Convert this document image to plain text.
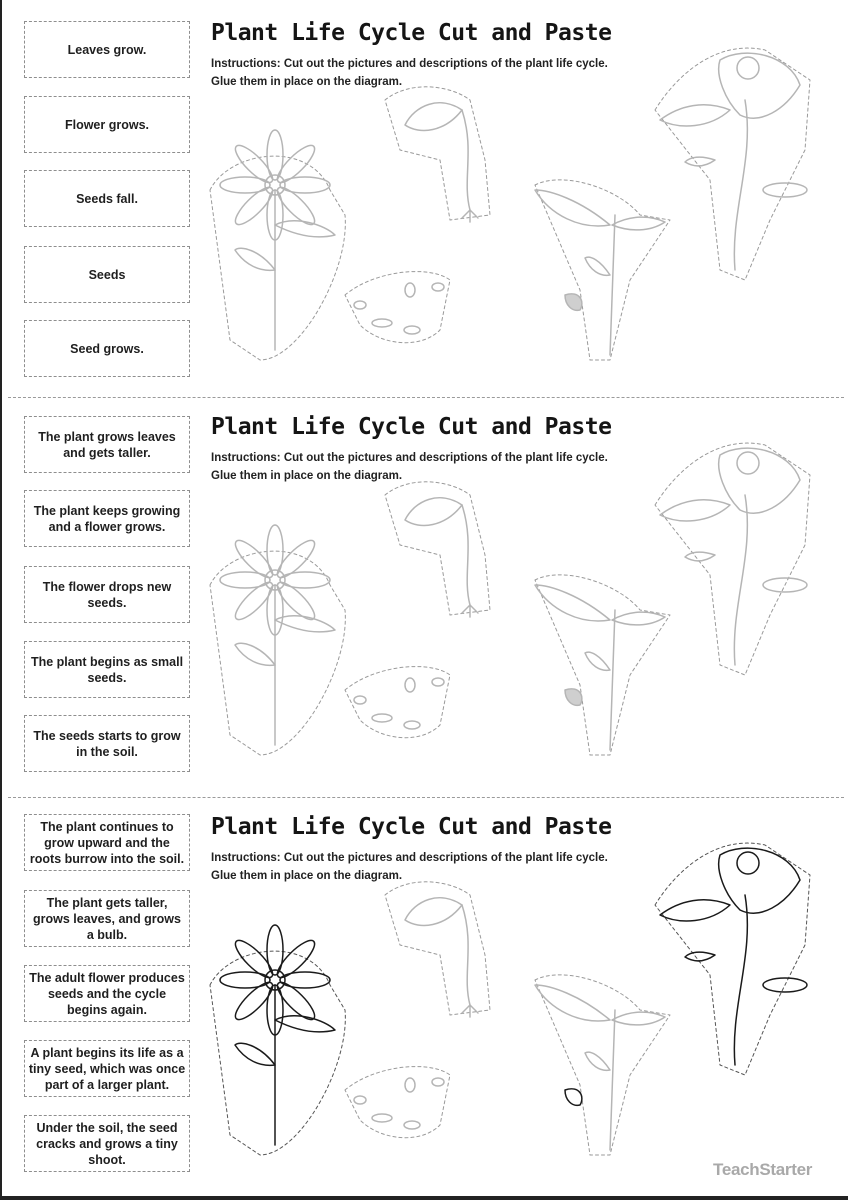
Leaves grow.
Flower grows.
Seeds fall.
Seeds
Seed grows.
Plant Life Cycle Cut and Paste
Instructions: Cut out the pictures and descriptions of the plant life cycle.
Glue them in place on the diagram.
The plant grows leaves and gets taller.
The plant keeps growing and a flower grows.
The flower drops new seeds.
The plant begins as small seeds.
The seeds starts to grow in the soil.
Plant Life Cycle Cut and Paste
Instructions: Cut out the pictures and descriptions of the plant life cycle.
Glue them in place on the diagram.
The plant continues to grow upward and the roots burrow into the soil.
The plant gets taller, grows leaves, and grows a bulb.
The adult flower produces seeds and the cycle begins again.
A plant begins its life as a tiny seed, which was once part of a larger plant.
Under the soil, the seed cracks and grows a tiny shoot.
Plant Life Cycle Cut and Paste
Instructions: Cut out the pictures and descriptions of the plant life cycle.
Glue them in place on the diagram.
TeachStarter
